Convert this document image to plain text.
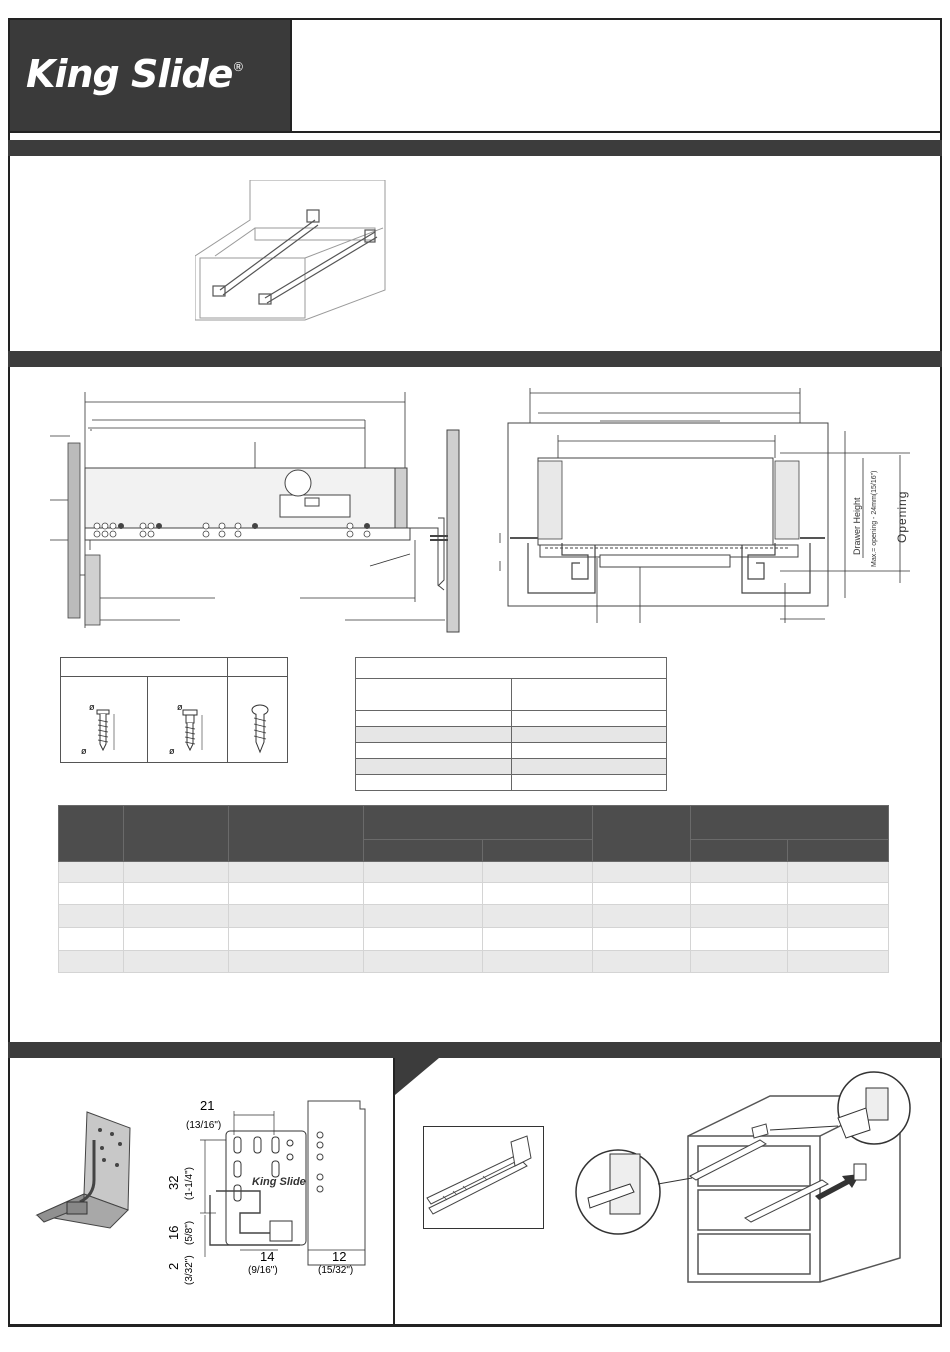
King Slide®
Drawer Height Max.= opening - 24mm(15/16") Opening
ø
ø
ø
ø

King Slide
21
(13/16")
32 (1-1/4")
16 (5/8")
2 (3/32")	14
(9/16")
12
(15/32")
